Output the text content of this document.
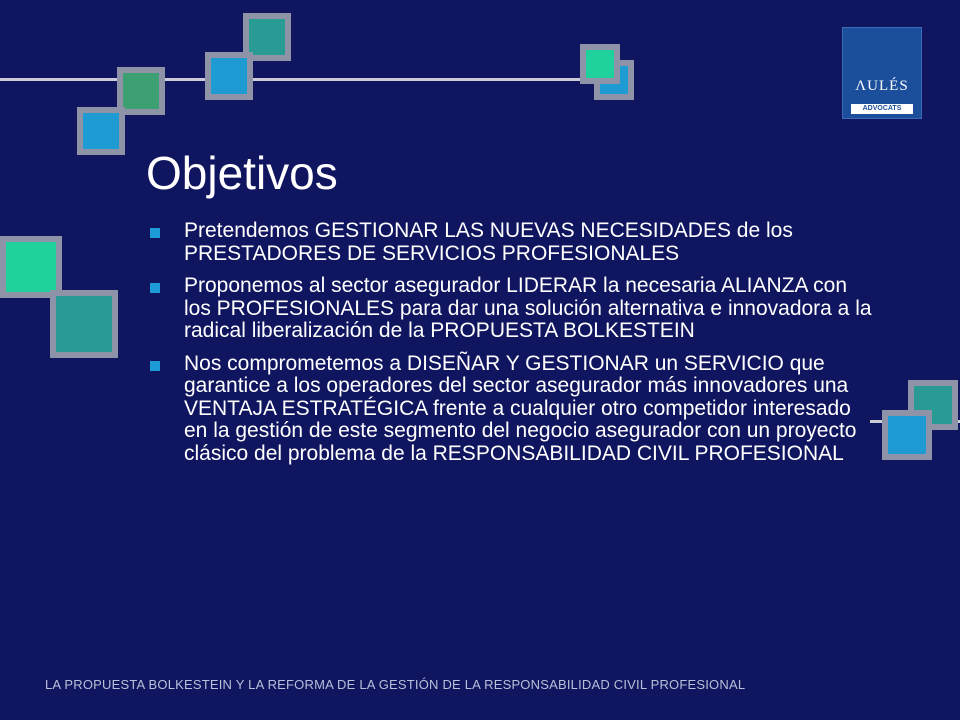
ΛULÉS
ADVOCATS
Objetivos
Pretendemos GESTIONAR LAS NUEVAS NECESIDADES de los PRESTADORES DE SERVICIOS PROFESIONALES
Proponemos al sector asegurador LIDERAR la necesaria ALIANZA con los PROFESIONALES para dar una solución alternativa e innovadora a la radical liberalización de la PROPUESTA BOLKESTEIN
Nos comprometemos a DISEÑAR Y GESTIONAR un SERVICIO que garantice a los operadores del sector asegurador más innovadores una VENTAJA ESTRATÉGICA frente a cualquier otro competidor interesado en la gestión de este segmento del negocio asegurador con un proyecto clásico del problema de la RESPONSABILIDAD CIVIL PROFESIONAL
LA PROPUESTA BOLKESTEIN Y LA REFORMA DE LA GESTIÓN DE LA RESPONSABILIDAD CIVIL PROFESIONAL
